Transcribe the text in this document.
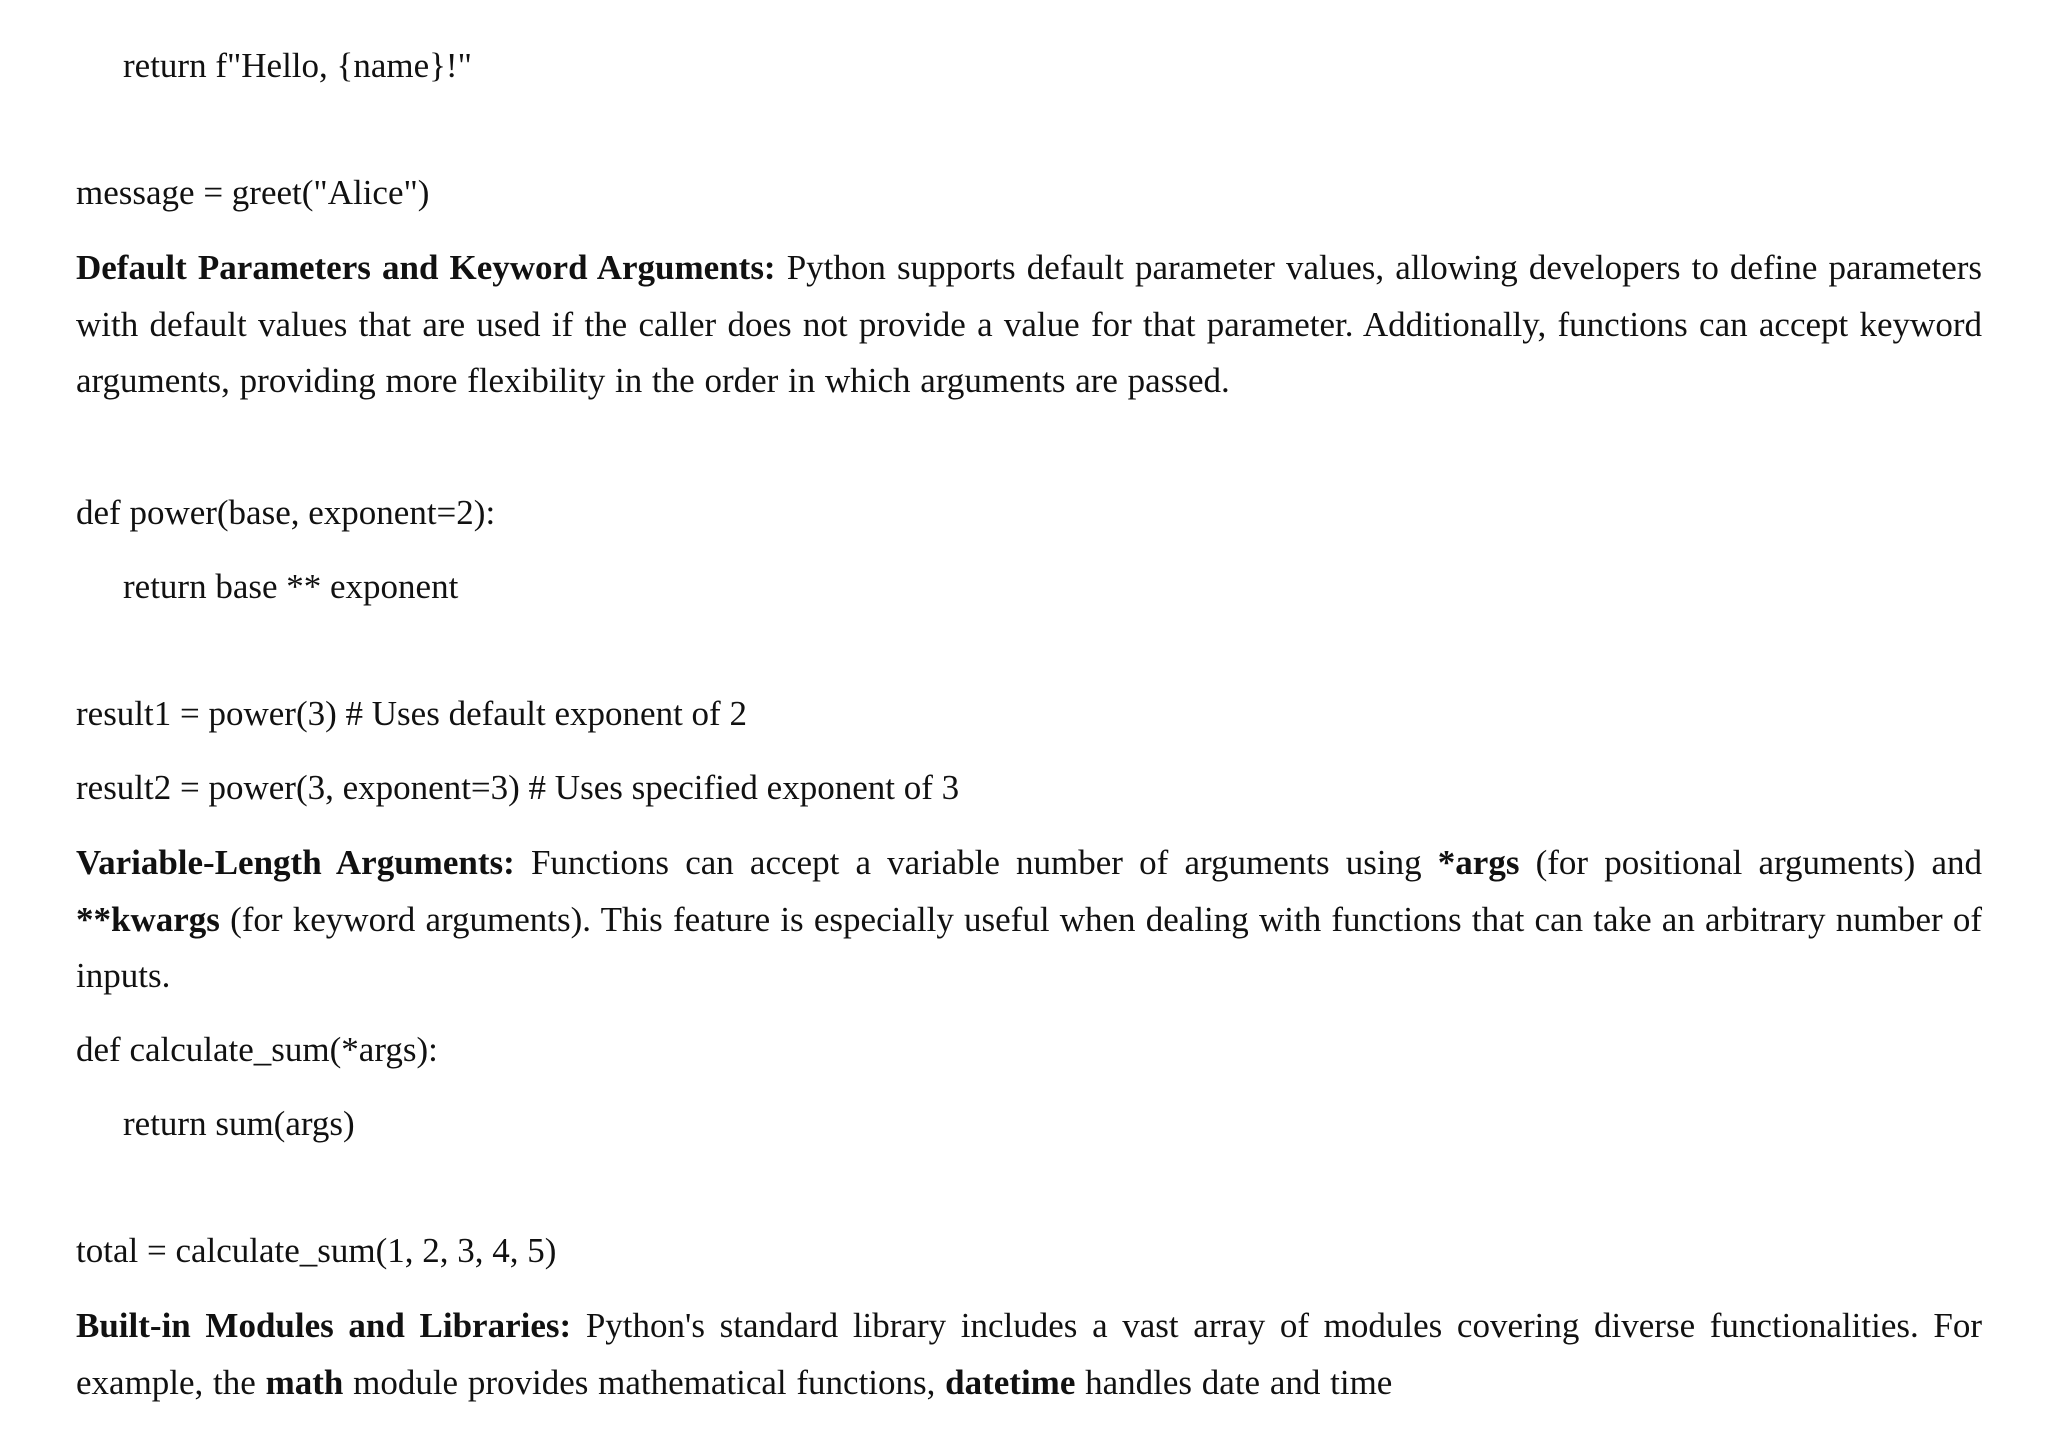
return f"Hello, {name}!"
message = greet("Alice")
Default Parameters and Keyword Arguments: Python supports default parameter values, allowing developers to define parameters with default values that are used if the caller does not provide a value for that parameter. Additionally, functions can accept keyword arguments, providing more flexibility in the order in which arguments are passed.
def power(base, exponent=2):
return base ** exponent
result1 = power(3) # Uses default exponent of 2
result2 = power(3, exponent=3) # Uses specified exponent of 3
Variable-Length Arguments: Functions can accept a variable number of arguments using *args (for positional arguments) and **kwargs (for keyword arguments). This feature is especially useful when dealing with functions that can take an arbitrary number of inputs.
def calculate_sum(*args):
return sum(args)
total = calculate_sum(1, 2, 3, 4, 5)
Built-in Modules and Libraries: Python's standard library includes a vast array of modules covering diverse functionalities. For example, the math module provides mathematical functions, datetime handles date and time
